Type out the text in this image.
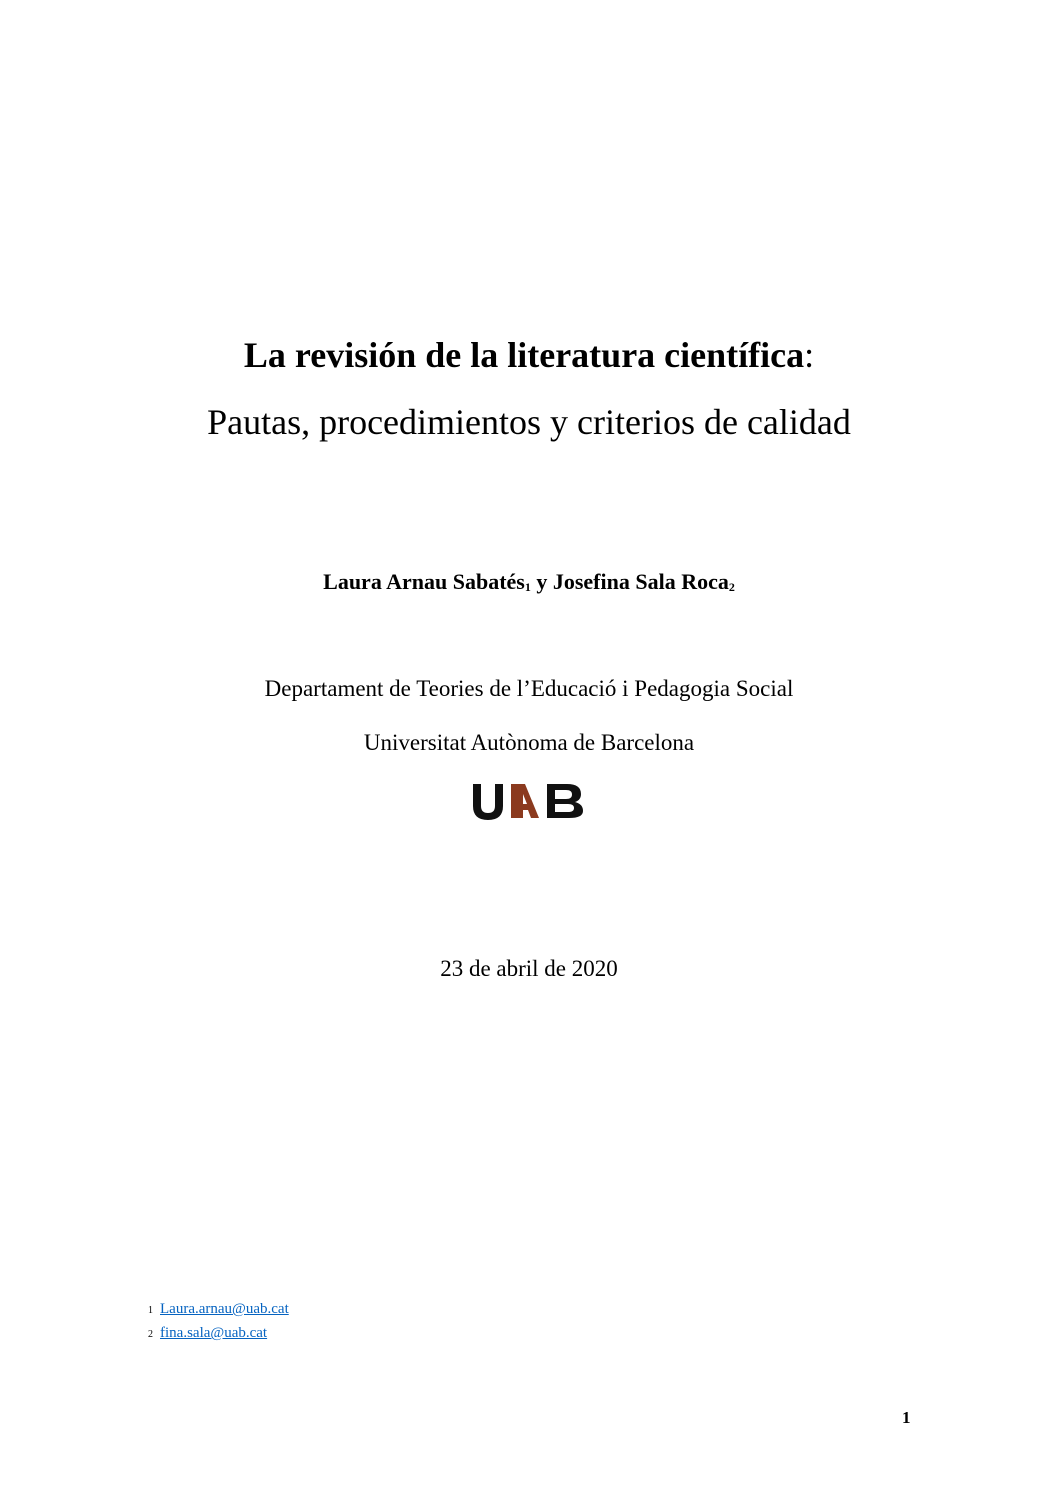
La revisión de la literatura científica:
Pautas, procedimientos y criterios de calidad
Laura Arnau Sabatés$_1$ y Josefina Sala Roca$_2$
Departament de Teories de l’Educació i Pedagogia Social
Universitat Autònoma de Barcelona
23 de abril de 2020
1 Laura.arnau@uab.cat
2 fina.sala@uab.cat
1
